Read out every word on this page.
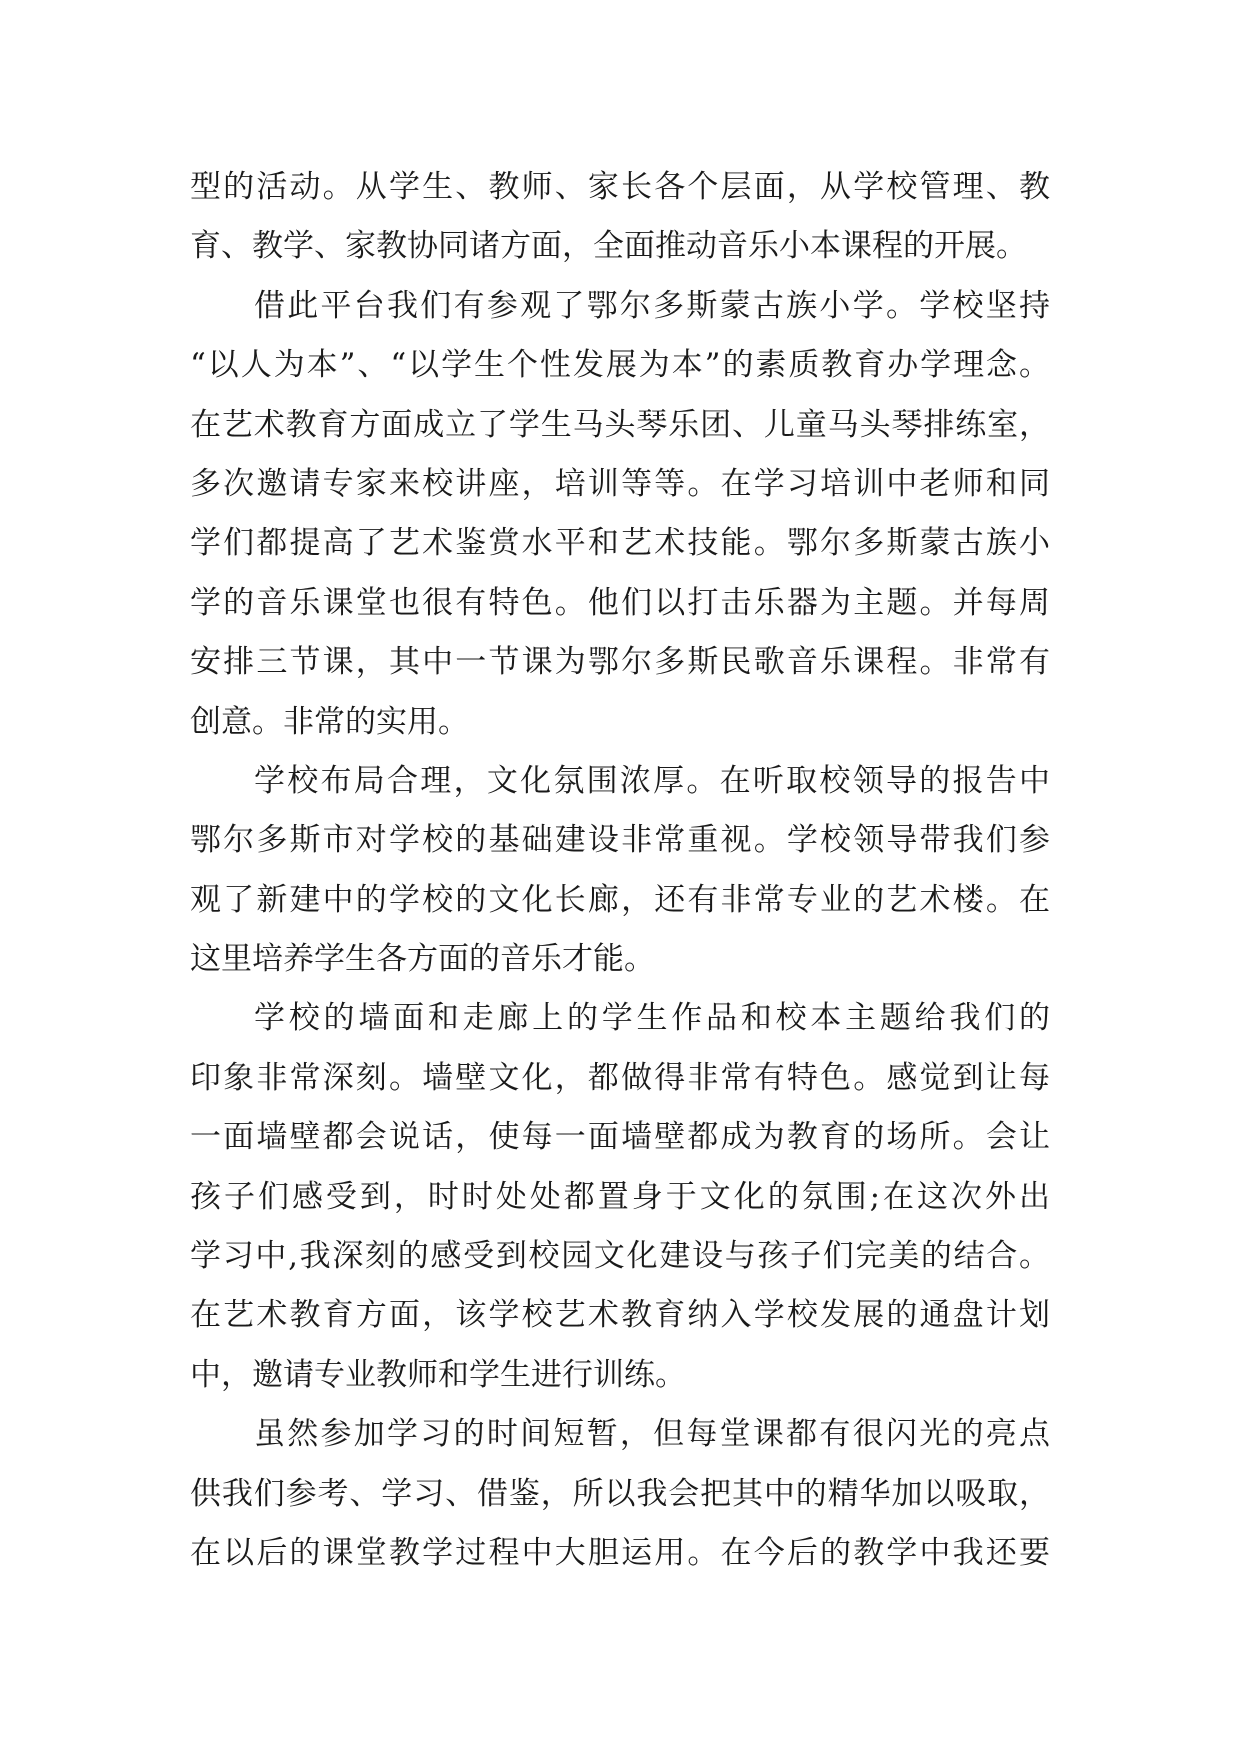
型的活动。从学生、教师、家长各个层面，从学校管理、教
育、教学、家教协同诸方面，全面推动音乐小本课程的开展。
借此平台我们有参观了鄂尔多斯蒙古族小学。学校坚持
“以人为本”、“以学生个性发展为本”的素质教育办学理念。
在艺术教育方面成立了学生马头琴乐团、儿童马头琴排练室，
多次邀请专家来校讲座，培训等等。在学习培训中老师和同
学们都提高了艺术鉴赏水平和艺术技能。鄂尔多斯蒙古族小
学的音乐课堂也很有特色。他们以打击乐器为主题。并每周
安排三节课，其中一节课为鄂尔多斯民歌音乐课程。非常有
创意。非常的实用。
学校布局合理，文化氛围浓厚。在听取校领导的报告中
鄂尔多斯市对学校的基础建设非常重视。学校领导带我们参
观了新建中的学校的文化长廊，还有非常专业的艺术楼。在
这里培养学生各方面的音乐才能。
学校的墙面和走廊上的学生作品和校本主题给我们的
印象非常深刻。墙壁文化，都做得非常有特色。感觉到让每
一面墙壁都会说话，使每一面墙壁都成为教育的场所。会让
孩子们感受到，时时处处都置身于文化的氛围;在这次外出
学习中,我深刻的感受到校园文化建设与孩子们完美的结合。
在艺术教育方面，该学校艺术教育纳入学校发展的通盘计划
中，邀请专业教师和学生进行训练。
虽然参加学习的时间短暂，但每堂课都有很闪光的亮点
供我们参考、学习、借鉴，所以我会把其中的精华加以吸取，
在以后的课堂教学过程中大胆运用。在今后的教学中我还要
